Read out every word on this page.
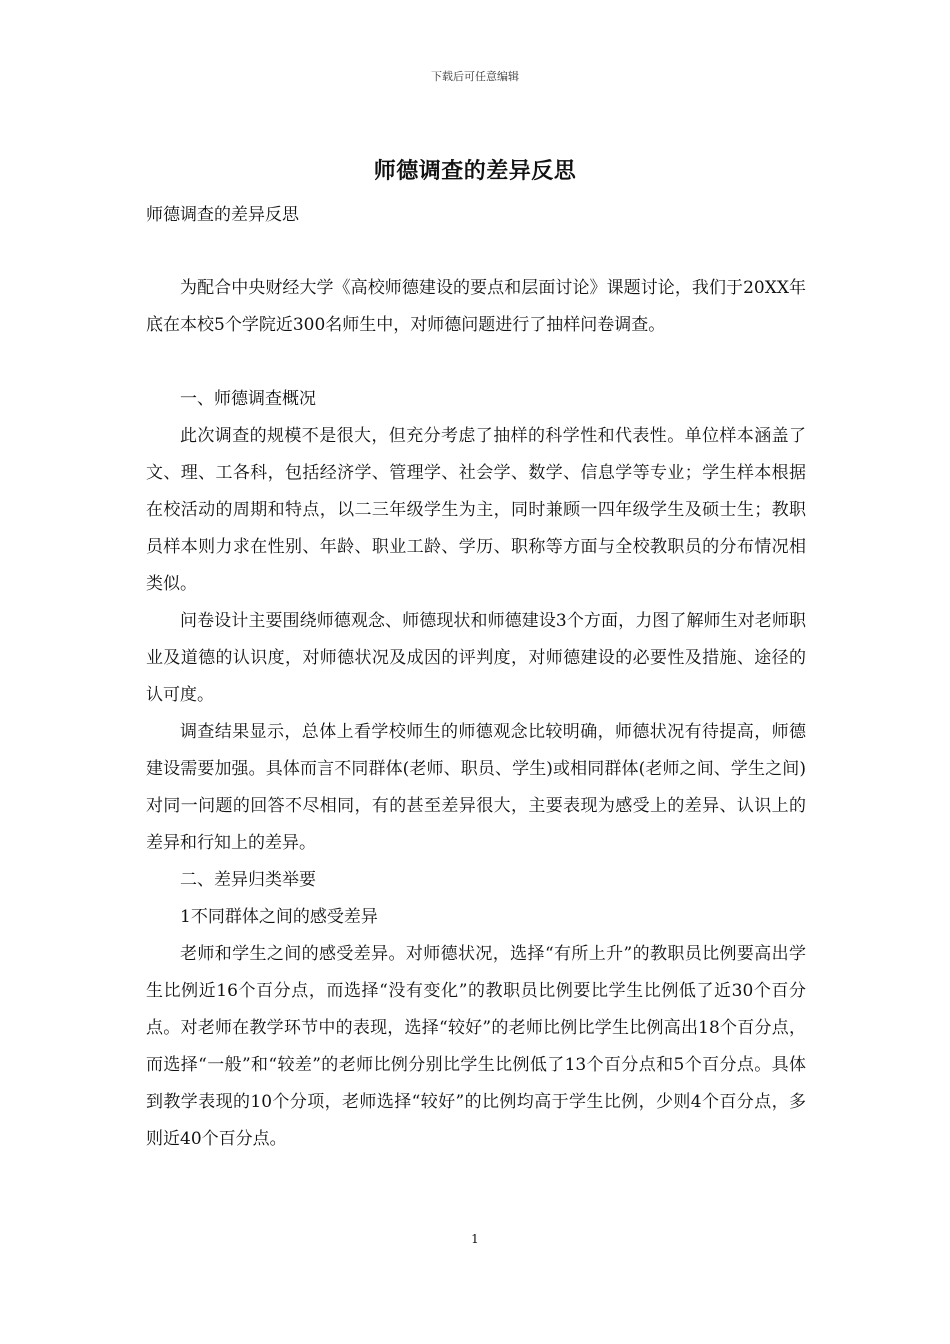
下载后可任意编辑
师德调查的差异反思
师德调查的差异反思

为配合中央财经大学《高校师德建设的要点和层面讨论》课题讨论，我们于20XX年底在本校5个学院近300名师生中，对师德问题进行了抽样问卷调查。

一、师德调查概况

此次调查的规模不是很大，但充分考虑了抽样的科学性和代表性。单位样本涵盖了文、理、工各科，包括经济学、管理学、社会学、数学、信息学等专业；学生样本根据在校活动的周期和特点，以二三年级学生为主，同时兼顾一四年级学生及硕士生；教职员样本则力求在性别、年龄、职业工龄、学历、职称等方面与全校教职员的分布情况相类似。

问卷设计主要围绕师德观念、师德现状和师德建设3个方面，力图了解师生对老师职业及道德的认识度，对师德状况及成因的评判度，对师德建设的必要性及措施、途径的认可度。

调查结果显示，总体上看学校师生的师德观念比较明确，师德状况有待提高，师德建设需要加强。具体而言不同群体(老师、职员、学生)或相同群体(老师之间、学生之间)对同一问题的回答不尽相同，有的甚至差异很大，主要表现为感受上的差异、认识上的差异和行知上的差异。

二、差异归类举要

1不同群体之间的感受差异

老师和学生之间的感受差异。对师德状况，选择“有所上升”的教职员比例要高出学生比例近16个百分点，而选择“没有变化”的教职员比例要比学生比例低了近30个百分点。对老师在教学环节中的表现，选择“较好”的老师比例比学生比例高出18个百分点，而选择“一般”和“较差”的老师比例分别比学生比例低了13个百分点和5个百分点。具体到教学表现的10个分项，老师选择“较好”的比例均高于学生比例，少则4个百分点，多则近40个百分点。

1
